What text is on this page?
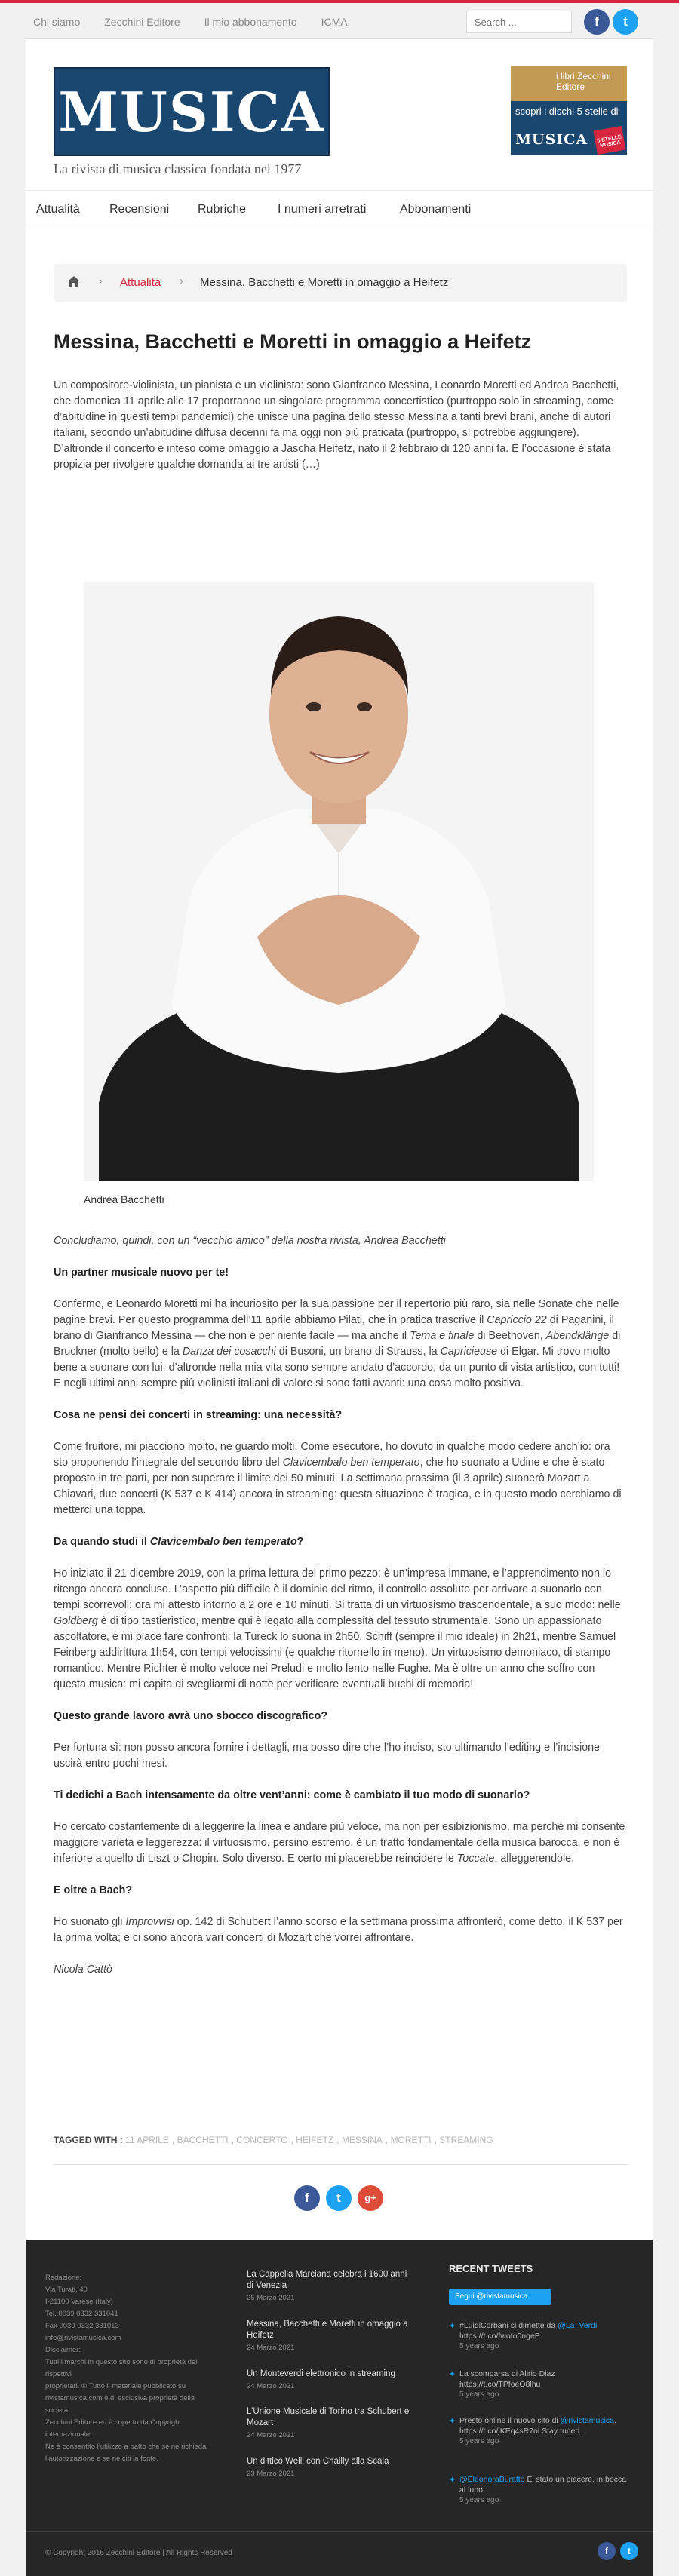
Chi siamo Zecchini Editore Il mio abbonamento ICMA
Search ...	f	t
MUSICA
La rivista di musica classica fondata nel 1977
i libri Zecchini Editore
scopri i dischi 5 stelle di
MUSICA	5 STELLE MUSICA
Attualità Recensioni Rubriche	I numeri arretrati	Abbonamenti
› Attualità › Messina, Bacchetti e Moretti in omaggio a Heifetz
Messina, Bacchetti e Moretti in omaggio a Heifetz

Un compositore-violinista, un pianista e un violinista: sono Gianfranco Messina, Leonardo Moretti ed Andrea Bacchetti, che domenica 11 aprile alle 17 proporranno un singolare programma concertistico (purtroppo solo in streaming, come d’abitudine in questi tempi pandemici) che unisce una pagina dello stesso Messina a tanti brevi brani, anche di autori italiani, secondo un’abitudine diffusa decenni fa ma oggi non più praticata (purtroppo, si potrebbe aggiungere). D’altronde il concerto è inteso come omaggio a Jascha Heifetz, nato il 2 febbraio di 120 anni fa. E l’occasione è stata propizia per rivolgere qualche domanda ai tre artisti (…)

Andrea Bacchetti

Concludiamo, quindi, con un “vecchio amico” della nostra rivista, Andrea Bacchetti

Un partner musicale nuovo per te!

Confermo, e Leonardo Moretti mi ha incuriosito per la sua passione per il repertorio più raro, sia nelle Sonate che nelle pagine brevi. Per questo programma dell’11 aprile abbiamo Pilati, che in pratica trascrive il Capriccio 22 di Paganini, il brano di Gianfranco Messina — che non è per niente facile — ma anche il Tema e finale di Beethoven, Abendklänge di Bruckner (molto bello) e la Danza dei cosacchi di Busoni, un brano di Strauss, la Capricieuse di Elgar. Mi trovo molto bene a suonare con lui: d’altronde nella mia vita sono sempre andato d’accordo, da un punto di vista artistico, con tutti! E negli ultimi anni sempre più violinisti italiani di valore si sono fatti avanti: una cosa molto positiva.

Cosa ne pensi dei concerti in streaming: una necessità?

Come fruitore, mi piacciono molto, ne guardo molti. Come esecutore, ho dovuto in qualche modo cedere anch’io: ora sto proponendo l’integrale del secondo libro del Clavicembalo ben temperato, che ho suonato a Udine e che è stato proposto in tre parti, per non superare il limite dei 50 minuti. La settimana prossima (il 3 aprile) suonerò Mozart a Chiavari, due concerti (K 537 e K 414) ancora in streaming: questa situazione è tragica, e in questo modo cerchiamo di metterci una toppa.

Da quando studi il Clavicembalo ben temperato?

Ho iniziato il 21 dicembre 2019, con la prima lettura del primo pezzo: è un’impresa immane, e l’apprendimento non lo ritengo ancora concluso. L’aspetto più difficile è il dominio del ritmo, il controllo assoluto per arrivare a suonarlo con tempi scorrevoli: ora mi attesto intorno a 2 ore e 10 minuti. Si tratta di un virtuosismo trascendentale, a suo modo: nelle Goldberg è di tipo tastieristico, mentre qui è legato alla complessità del tessuto strumentale. Sono un appassionato ascoltatore, e mi piace fare confronti: la Tureck lo suona in 2h50, Schiff (sempre il mio ideale) in 2h21, mentre Samuel Feinberg addirittura 1h54, con tempi velocissimi (e qualche ritornello in meno). Un virtuosismo demoniaco, di stampo romantico. Mentre Richter è molto veloce nei Preludi e molto lento nelle Fughe. Ma è oltre un anno che soffro con questa musica: mi capita di svegliarmi di notte per verificare eventuali buchi di memoria!

Questo grande lavoro avrà uno sbocco discografico?

Per fortuna sì: non posso ancora fornire i dettagli, ma posso dire che l’ho inciso, sto ultimando l’editing e l’incisione uscirà entro pochi mesi.

Ti dedichi a Bach intensamente da oltre vent’anni: come è cambiato il tuo modo di suonarlo?

Ho cercato costantemente di alleggerire la linea e andare più veloce, ma non per esibizionismo, ma perché mi consente maggiore varietà e leggerezza: il virtuosismo, persino estremo, è un tratto fondamentale della musica barocca, e non è inferiore a quello di Liszt o Chopin. Solo diverso. E certo mi piacerebbe reincidere le Toccate, alleggerendole.

E oltre a Bach?

Ho suonato gli Improvvisi op. 142 di Schubert l’anno scorso e la settimana prossima affronterò, come detto, il K 537 per la prima volta; e ci sono ancora vari concerti di Mozart che vorrei affrontare.

Nicola Cattò

TAGGED WITH : 11 APRILE , BACCHETTI , CONCERTO , HEIFETZ , MESSINA , MORETTI , STREAMING
f	t	g+
Redazione:
Via Turati, 40
I-21100 Varese (Italy)
Tel. 0039 0332 331041
Fax 0039 0332 331013
info@rivistamusica.com
Disclaimer:
Tutti i marchi in questo sito sono di proprietà dei rispettivi
proprietari. © Tutto il materiale pubblicato su
rivistamusica.com è di esclusiva proprietà della società
Zecchini Editore ed è coperto da Copyright internazionale.
Ne è consentito l’utilizzo a patto che se ne richieda
l’autorizzazione e se ne citi la fonte.
La Cappella Marciana celebra i 1600 anni di Venezia
25 Marzo 2021
Messina, Bacchetti e Moretti in omaggio a Heifetz
24 Marzo 2021
Un Monteverdi elettronico in streaming
24 Marzo 2021
L’Unione Musicale di Torino tra Schubert e Mozart
24 Marzo 2021
Un dittico Weill con Chailly alla Scala
23 Marzo 2021
RECENT TWEETS
Segui @rivistamusica
✦ #LuigiCorbani si dimette da @La_Verdi https://t.co/fwoto0ngeB
5 years ago
✦ La scomparsa di Alirio Diaz https://t.co/TPfoeO8lhu
5 years ago
✦ Presto online il nuovo sito di @rivistamusica. https://t.co/jKEq4sR7ol Stay tuned...
5 years ago
✦ @EleonoraBuratto E' stato un piacere, in bocca al lupo!
5 years ago
© Copyright 2016 Zecchini Editore | All Rights Reserved	f	t
